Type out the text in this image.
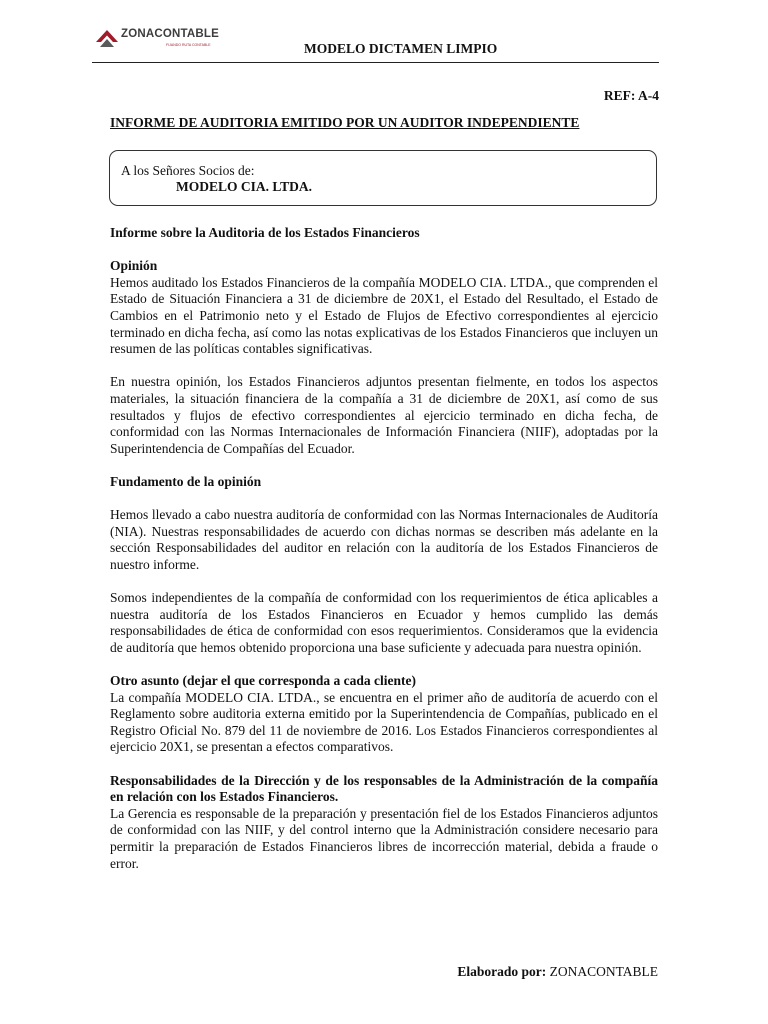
ZONACONTABLE
FIJANDO RUTA CONTABLE	MODELO DICTAMEN LIMPIO
REF: A-4
INFORME DE AUDITORIA EMITIDO POR UN AUDITOR INDEPENDIENTE
A los Señores Socios de:
MODELO CIA. LTDA.
Informe sobre la Auditoria de los Estados Financieros
Opinión

Hemos auditado los Estados Financieros de la compañía MODELO CIA. LTDA., que comprenden el Estado de Situación Financiera a 31 de diciembre de 20X1, el Estado del Resultado, el Estado de Cambios en el Patrimonio neto y el Estado de Flujos de Efectivo correspondientes al ejercicio terminado en dicha fecha, así como las notas explicativas de los Estados Financieros que incluyen un resumen de las políticas contables significativas.

En nuestra opinión, los Estados Financieros adjuntos presentan fielmente, en todos los aspectos materiales, la situación financiera de la compañía a 31 de diciembre de 20X1, así como de sus resultados y flujos de efectivo correspondientes al ejercicio terminado en dicha fecha, de conformidad con las Normas Internacionales de Información Financiera (NIIF), adoptadas por la Superintendencia de Compañías del Ecuador.

Fundamento de la opinión

Hemos llevado a cabo nuestra auditoría de conformidad con las Normas Internacionales de Auditoría (NIA). Nuestras responsabilidades de acuerdo con dichas normas se describen más adelante en la sección Responsabilidades del auditor en relación con la auditoría de los Estados Financieros de nuestro informe.

Somos independientes de la compañía de conformidad con los requerimientos de ética aplicables a nuestra auditoría de los Estados Financieros en Ecuador y hemos cumplido las demás responsabilidades de ética de conformidad con esos requerimientos. Consideramos que la evidencia de auditoría que hemos obtenido proporciona una base suficiente y adecuada para nuestra opinión.

Otro asunto (dejar el que corresponda a cada cliente)

La compañía MODELO CIA. LTDA., se encuentra en el primer año de auditoría de acuerdo con el Reglamento sobre auditoria externa emitido por la Superintendencia de Compañías, publicado en el Registro Oficial No. 879 del 11 de noviembre de 2016. Los Estados Financieros correspondientes al ejercicio 20X1, se presentan a efectos comparativos.

Responsabilidades de la Dirección y de los responsables de la Administración de la compañía en relación con los Estados Financieros.

La Gerencia es responsable de la preparación y presentación fiel de los Estados Financieros adjuntos de conformidad con las NIIF, y del control interno que la Administración considere necesario para permitir la preparación de Estados Financieros libres de incorrección material, debida a fraude o error.

Elaborado por: ZONACONTABLE
